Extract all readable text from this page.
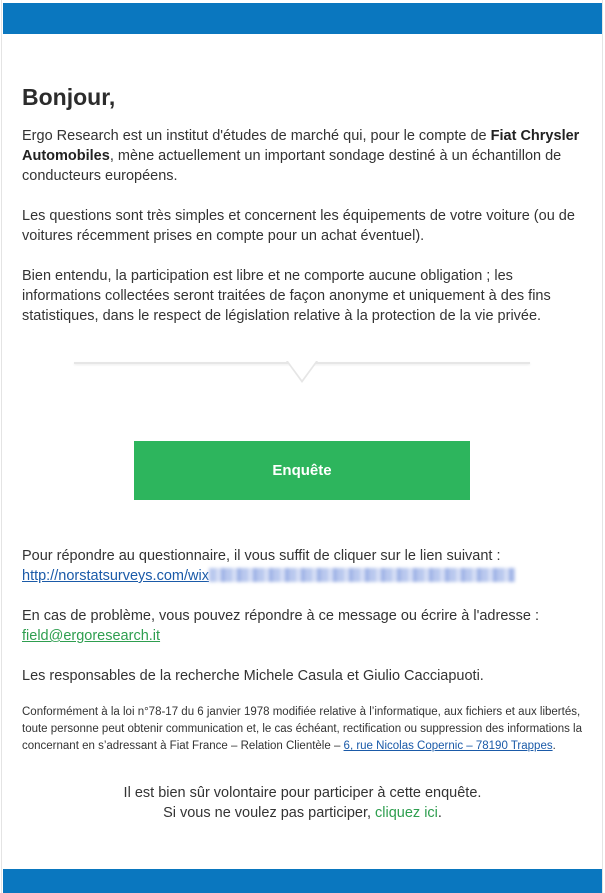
Bonjour,

Ergo Research est un institut d'études de marché qui, pour le compte de Fiat Chrysler Automobiles, mène actuellement un important sondage destiné à un échantillon de conducteurs européens.

Les questions sont très simples et concernent les équipements de votre voiture (ou de voitures récemment prises en compte pour un achat éventuel).

Bien entendu, la participation est libre et ne comporte aucune obligation ; les informations collectées seront traitées de façon anonyme et uniquement à des fins statistiques, dans le respect de législation relative à la protection de la vie privée.

Enquête

Pour répondre au questionnaire, il vous suffit de cliquer sur le lien suivant :
http://norstatsurveys.com/wix

En cas de problème, vous pouvez répondre à ce message ou écrire à l'adresse : field@ergoresearch.it

Les responsables de la recherche Michele Casula et Giulio Cacciapuoti.

Conformément à la loi n°78-17 du 6 janvier 1978 modifiée relative à l’informatique, aux fichiers et aux libertés, toute personne peut obtenir communication et, le cas échéant, rectification ou suppression des informations la concernant en s’adressant à Fiat France – Relation Clientèle – 6, rue Nicolas Copernic – 78190 Trappes.
Il est bien sûr volontaire pour participer à cette enquête.
Si vous ne voulez pas participer, cliquez ici.
